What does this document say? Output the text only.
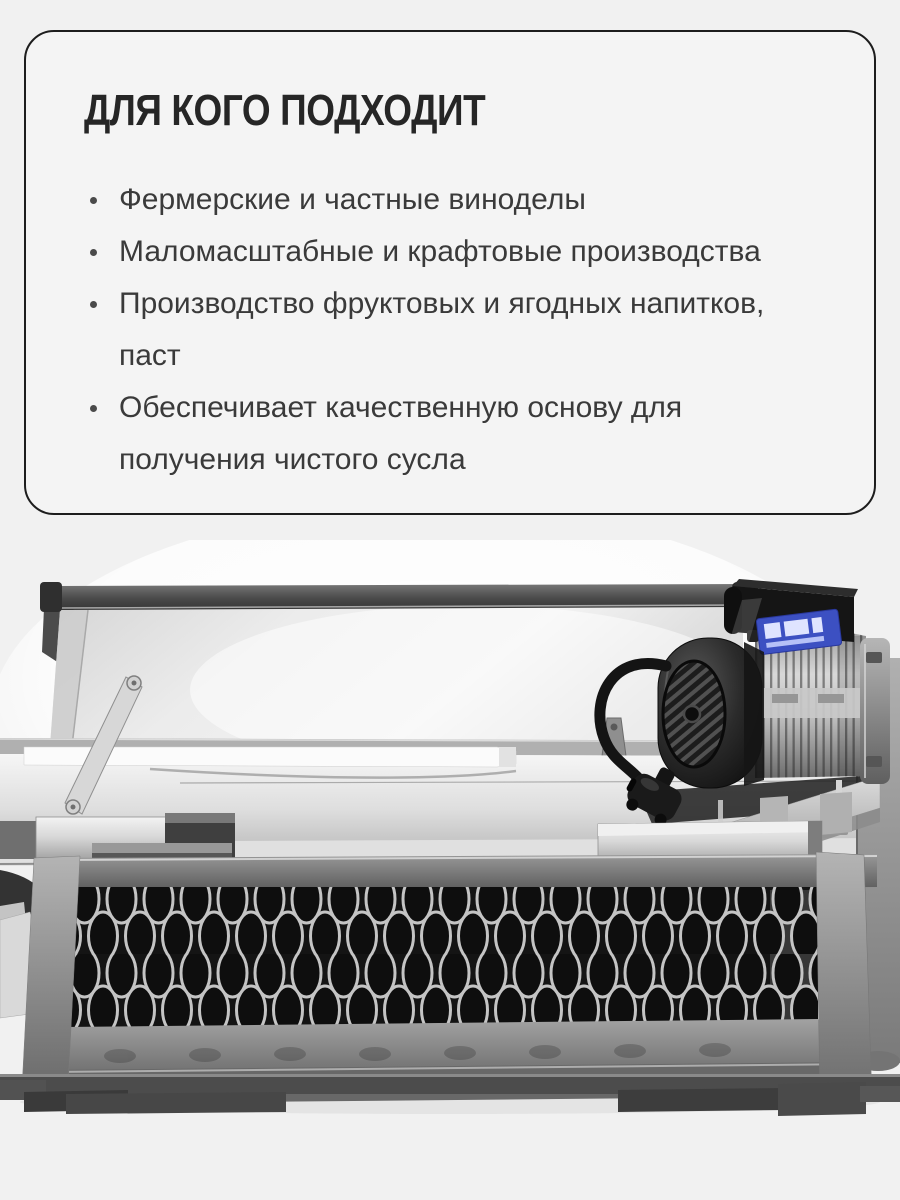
ДЛЯ КОГО ПОДХОДИТ
Фермерские и частные виноделы
Маломасштабные и крафтовые производства
Производство фруктовых и ягодных напитков, паст
Обеспечивает качественную основу для получения чистого сусла
